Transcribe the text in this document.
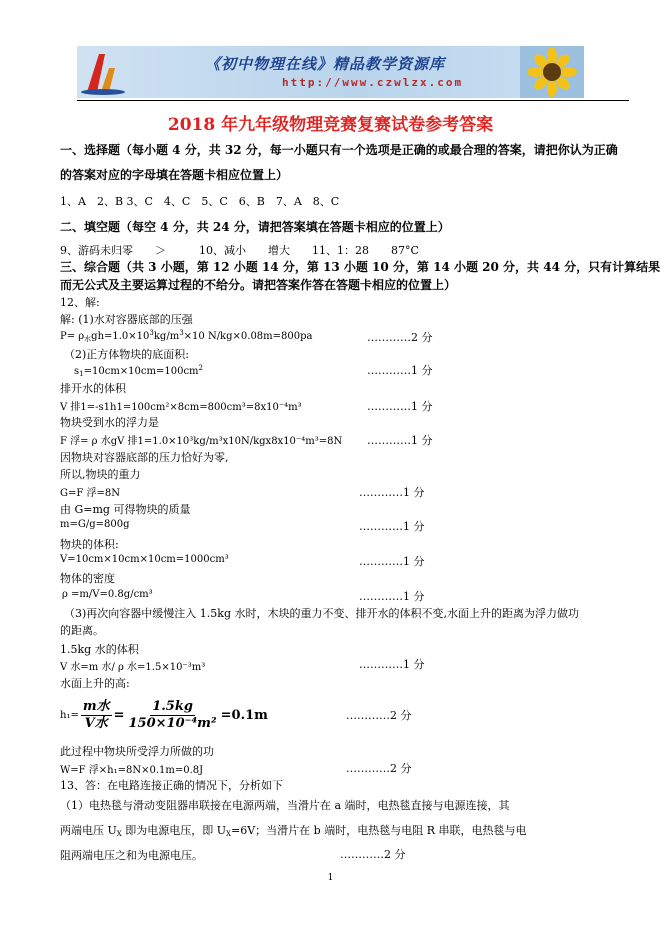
《初中物理在线》精品教学资源库
http://www.czwlzx.com
2018 年九年级物理竞赛复赛试卷参考答案
一、选择题（每小题 4 分，共 32 分，每一小题只有一个选项是正确的或最合理的答案，请把你认为正确
的答案对应的字母填在答题卡相应位置上）
1、A　2、B 3、C　4、C　5、C　6、B　7、A　8、C
二、填空题（每空 4 分，共 24 分，请把答案填在答题卡相应的位置上）
9、游码未归零　　＞　　　10、减小　　增大　　11、1：28　　87°C
三、综合题（共 3 小题，第 12 小题 14 分，第 13 小题 10 分，第 14 小题 20 分，共 44 分，只有计算结果
而无公式及主要运算过程的不给分。请把答案作答在答题卡相应的位置上）
12、解:
解: (1)水对容器底部的压强
$P= \rho_水gh=1.0\times 10^3kg/m^3\times 10$ N/kg×0.08m=800pa	…………2 分
（2)正方体物块的底面积:
$s_1=10cm\times 10cm=100cm^2$	…………1 分
排开水的体积
V 排1=-s1h1=100cm²×8cm=800cm³=8x10⁻⁴m³	…………1 分
物块受到水的浮力是
F 浮= ρ 水gV 排1=1.0×10³kg/m³x10N/kgx8x10⁻⁴m³=8N …………1 分
因物块对容器底部的压力恰好为零,
所以,物块的重力
G=F 浮=8N	…………1 分
由 G=mg 可得物块的质量
m=G/g=800g	…………1 分
物块的体积:
V=10cm×10cm×10cm=1000cm³	…………1 分
物体的密度
ρ =m/V=0.8g/cm³	…………1 分
（3)再次向容器中缓慢注入 1.5kg 水时，木块的重力不变、排开水的体积不变,水面上升的距离为浮力做功
的距离。
1.5kg 水的体积
V 水=m 水/ ρ 水=1.5×10⁻³m³	…………1 分
水面上升的高:
h₁=
m水
V水
= $\frac{1.5kg}{\text{150×10⁻⁴m²}} =0.1m$	…………2 分
此过程中物块所受浮力所做的功
W=F 浮×h₁=8N×0.1m=0.8J	…………2 分
13、答：在电路连接正确的情况下，分析如下
（1）电热毯与滑动变阻器串联接在电源两端，当滑片在 a 端时，电热毯直接与电源连接，其
两端电压 $U_X$ 即为电源电压，即 $U_X=6V$；当滑片在 b 端时，电热毯与电阻 R 串联，电热毯与电
阻两端电压之和为电源电压。	…………2 分
1
